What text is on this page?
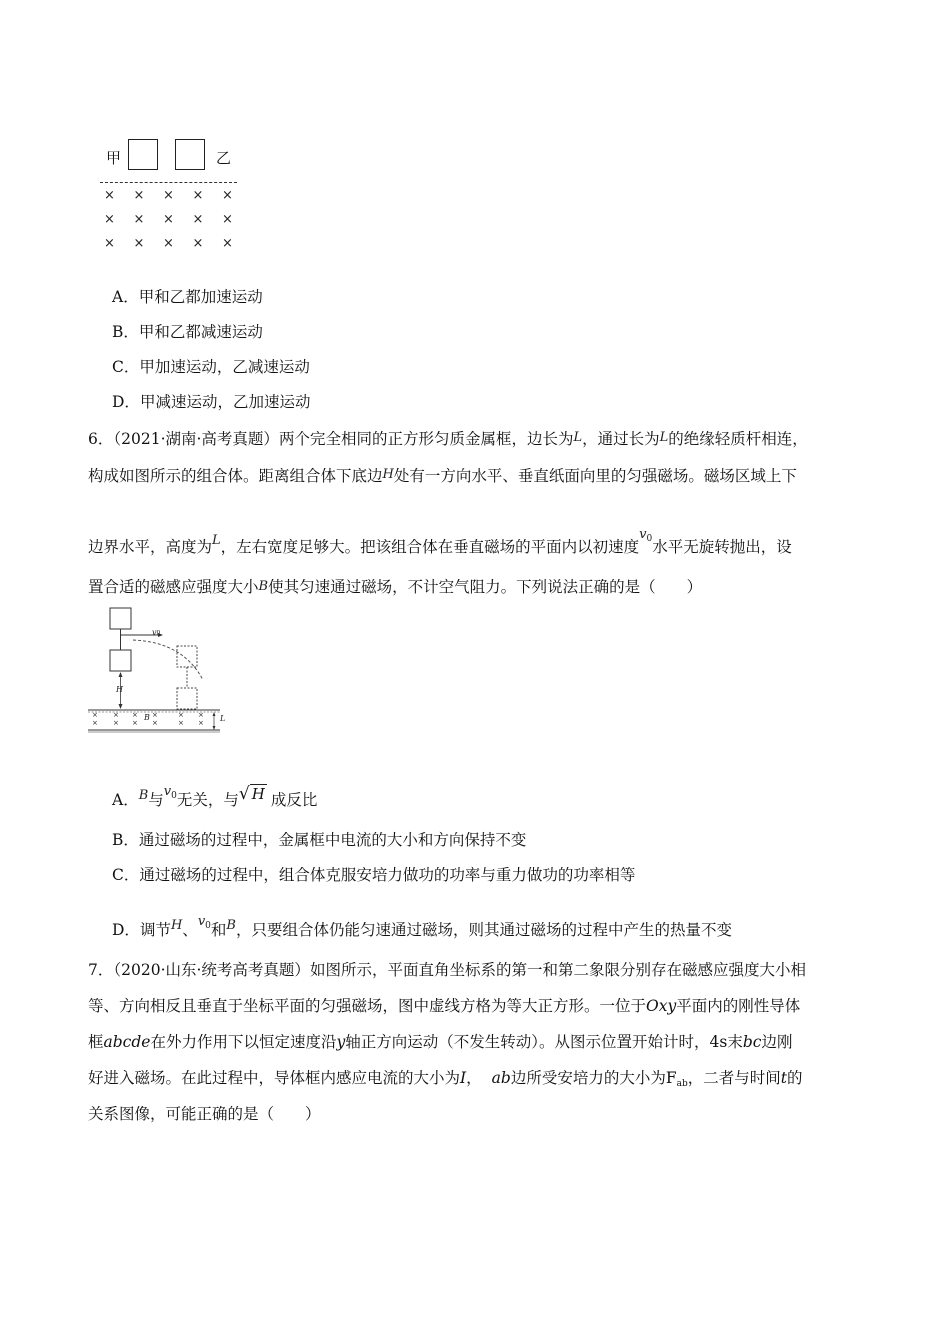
甲	乙
× × × × ×
× × × × ×
× × × × ×
A．甲和乙都加速运动
B．甲和乙都减速运动
C．甲加速运动，乙减速运动
D．甲减速运动，乙加速运动
6．（2021·湖南·高考真题）两个完全相同的正方形匀质金属框，边长为L，通过长为L的绝缘轻质杆相连，
构成如图所示的组合体。距离组合体下底边H处有一方向水平、垂直纸面向里的匀强磁场。磁场区域上下
边界水平，高度为$^L$，左右宽度足够大。把该组合体在垂直磁场的平面内以初速度$^{v_0}$水平无旋转抛出，设
置合适的磁感应强度大小B使其匀速通过磁场，不计空气阻力。下列说法正确的是（　　）
v0
H
B	L
× × × ×	× ×
× × × ×	× ×
A．$^B$与$^{v_0}$无关，与√ H 成反比
B．通过磁场的过程中，金属框中电流的大小和方向保持不变
C．通过磁场的过程中，组合体克服安培力做功的功率与重力做功的功率相等
D．调节$^H$、$^{v_0}$和$^B$，只要组合体仍能匀速通过磁场，则其通过磁场的过程中产生的热量不变
7．（2020·山东·统考高考真题）如图所示，平面直角坐标系的第一和第二象限分别存在磁感应强度大小相
等、方向相反且垂直于坐标平面的匀强磁场，图中虚线方格为等大正方形。一位于Oxy平面内的刚性导体
框abcde在外力作用下以恒定速度沿y轴正方向运动（不发生转动）。从图示位置开始计时，4s末bc边刚
好进入磁场。在此过程中，导体框内感应电流的大小为I， ab边所受安培力的大小为$F_{ab}$，二者与时间t的
关系图像，可能正确的是（　　）
